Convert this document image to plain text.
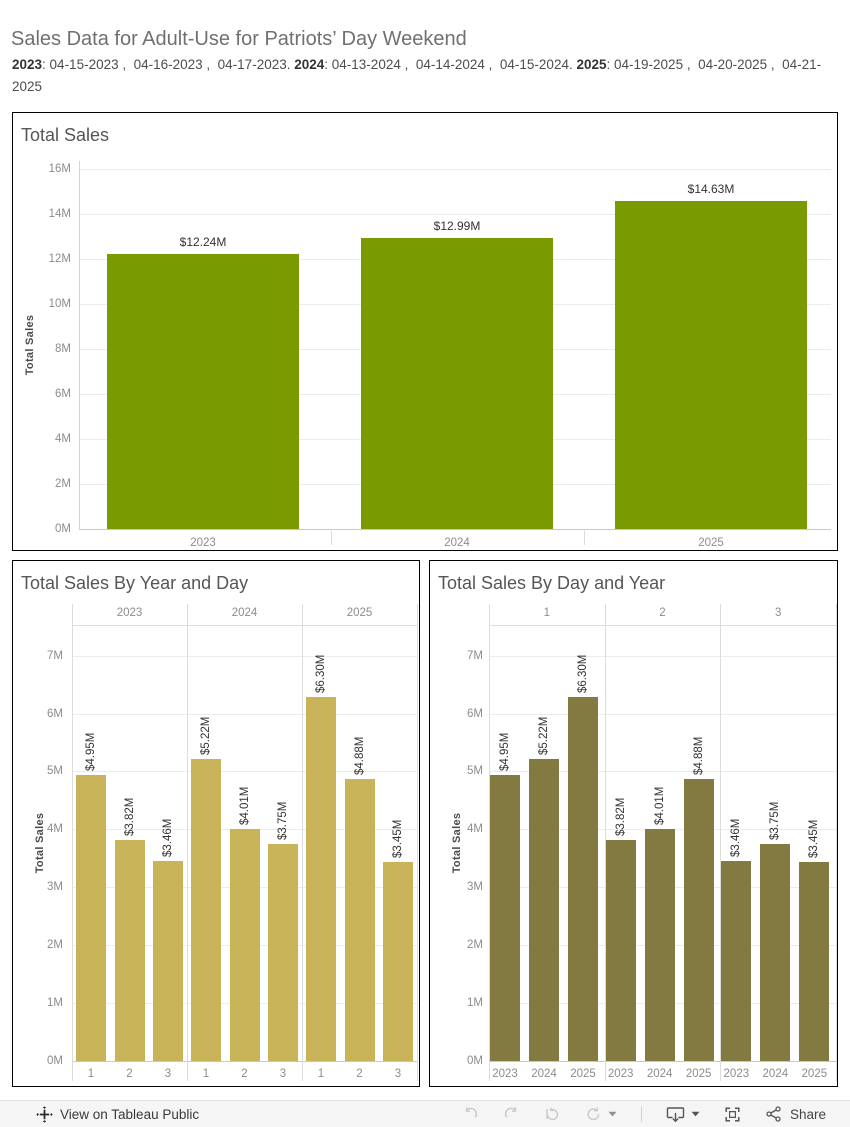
Sales Data for Adult-Use for Patriots’ Day Weekend
2023: 04-15-2023 ,  04-16-2023 ,  04-17-2023. 2024: 04-13-2024 ,  04-14-2024 ,  04-15-2024. 2025: 04-19-2025 ,  04-20-2025 ,  04-21-2025
Total Sales
0M
2M
4M
6M
8M
10M
12M
14M
16M
Total Sales
$12.24M
2023
$12.99M
2024
$14.63M
2025
Total Sales By Year and Day
0M
1M
2M
3M
4M
5M
6M
7M
Total Sales
2023
$4.95M
1
$3.82M
2
$3.46M
3
2024
$5.22M
1
$4.01M
2
$3.75M
3
2025
$6.30M
1
$4.88M
2
$3.45M
3
Total Sales By Day and Year
0M
1M
2M
3M
4M
5M
6M
7M
Total Sales
1
$4.95M
2023
$5.22M
2024
$6.30M
2025
2
$3.82M
2023
$4.01M
2024
$4.88M
2025
3
$3.46M
2023
$3.75M
2024
$3.45M
2025
View on Tableau Public	Share
